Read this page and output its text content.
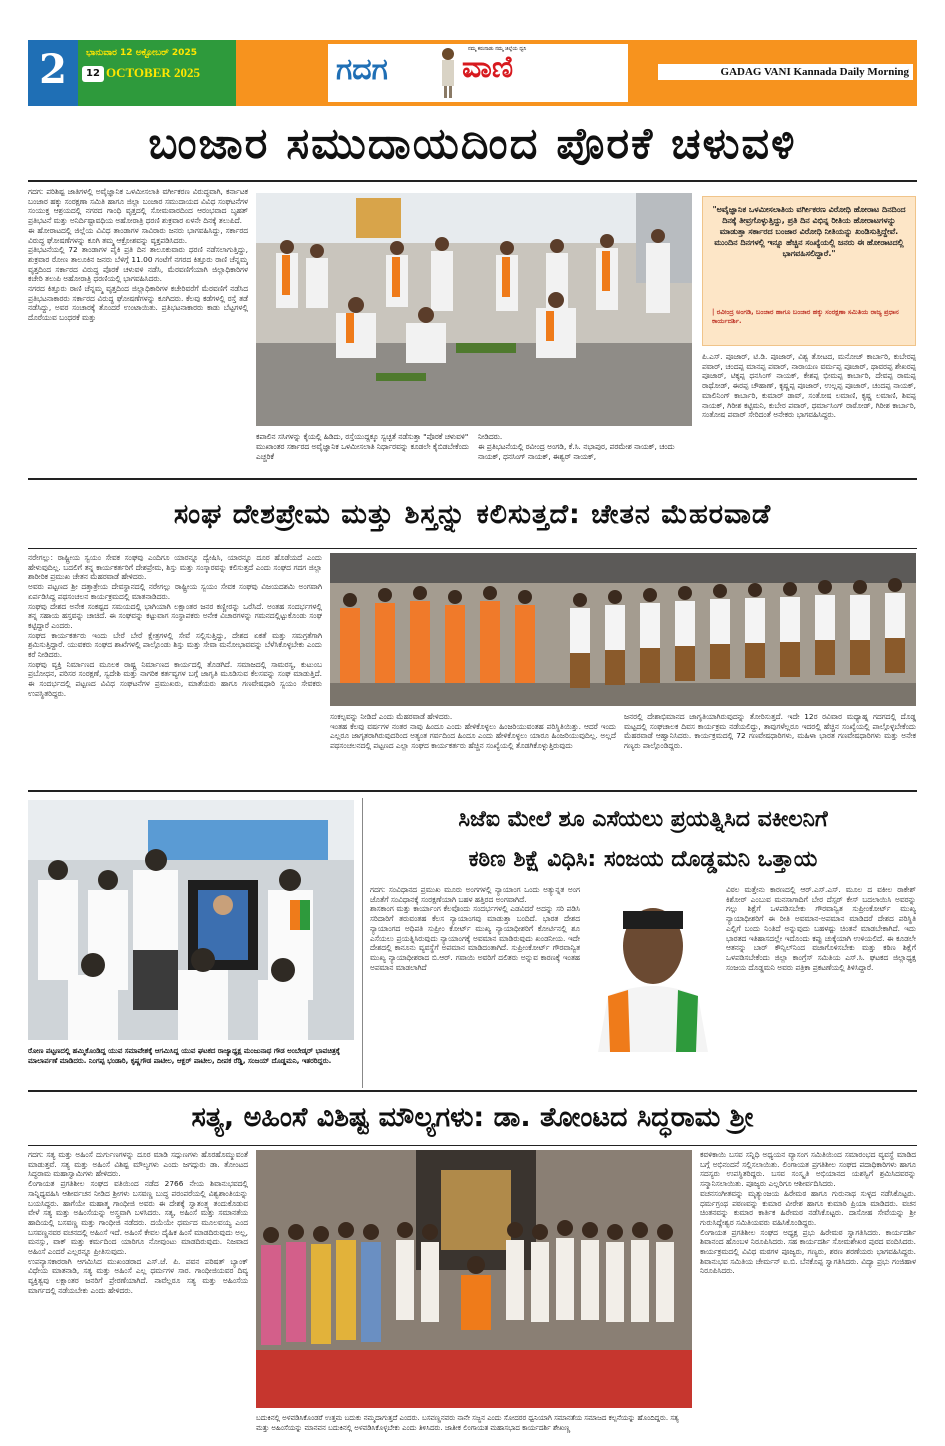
2	ಭಾನುವಾರ 12 ಅಕ್ಟೋಬರ್ 2025
12 OCTOBER 2025	ಗದಗ ವಾಣಿ
ನಮ್ಮ ಕರುನಾಡು ನಮ್ಮ ಜಿಲ್ಲೆಯ ಧ್ವನಿ
GADAG VANI Kannada Daily Morning
ಬಂಜಾರ ಸಮುದಾಯದಿಂದ ಪೊರಕೆ ಚಳುವಳಿ
ಗದಗ: ಪರಿಶಿಷ್ಟ ಜಾತಿಗಳಲ್ಲಿ ಅವೈಜ್ಞಾನಿಕ ಒಳಮೀಸಲಾತಿ ವರ್ಗೀಕರಣ ವಿರುದ್ಧವಾಗಿ, ಕರ್ನಾಟಕ ಬಂಜಾರ ಹಕ್ಕು ಸಂರಕ್ಷಣಾ ಸಮಿತಿ ಹಾಗೂ ಜಿಲ್ಲಾ ಬಂಜಾರ ಸಮುದಾಯದ ವಿವಿಧ ಸಂಘಟನೆಗಳ ಸಂಯುಕ್ತ ಆಶ್ರಯದಲ್ಲಿ ನಗರದ ಗಾಂಧಿ ವೃತ್ತದಲ್ಲಿ ಸೋಮವಾರದಿಂದ ಆರಂಭವಾದ ಬೃಹತ್ ಪ್ರತಿಭಟನೆ ಮತ್ತು ಅನಿರ್ದಿಷ್ಟಾವಧಿಯ ಅಹೋರಾತ್ರಿ ಧರಣಿ ಶುಕ್ರವಾರ ಏಳನೇ ದಿನಕ್ಕೆ ತಲುಪಿದೆ.
ಈ ಹೋರಾಟದಲ್ಲಿ ಜಿಲ್ಲೆಯ ವಿವಿಧ ತಾಂಡಾಗಳ ಸಾವಿರಾರು ಜನರು ಭಾಗವಹಿಸಿದ್ದು, ಸರ್ಕಾರದ ವಿರುದ್ಧ ಘೋಷಣೆಗಳನ್ನು ಕೂಗಿ ತಮ್ಮ ಆಕ್ರೋಶವನ್ನು ವ್ಯಕ್ತಪಡಿಸಿದರು.
ಪ್ರತಿಭಟನೆಯಲ್ಲಿ 72 ತಾಂಡಾಗಳ ಪೈಕಿ ಪ್ರತಿ ದಿನ ತಾಲೂಕುವಾರು ಧರಣಿ ನಡೆಸಲಾಗುತ್ತಿದ್ದು, ಶುಕ್ರವಾರ ರೋಣ ತಾಲೂಕಿನ ಜನರು ಬೆಳಿಗ್ಗೆ 11.00 ಗಂಟೆಗೆ ನಗರದ ಕಿತ್ತೂರು ರಾಣಿ ಚೆನ್ನಮ್ಮ ವೃತ್ತದಿಂದ ಸರ್ಕಾರದ ವಿರುದ್ಧ ಪೊರಕೆ ಚಳುವಳಿ ನಡೆಸಿ, ಮೆರವಣಿಗೆಯಾಗಿ ಜಿಲ್ಲಾಧಿಕಾರಿಗಳ ಕಚೇರಿ ತಲುಪಿ ಅಹೋರಾತ್ರಿ ಧರಣಿಯಲ್ಲಿ ಭಾಗವಹಿಸಿದರು.
ನಗರದ ಕಿತ್ತೂರು ರಾಣಿ ಚೆನ್ನಮ್ಮ ವೃತ್ತದಿಂದ ಜಿಲ್ಲಾಧಿಕಾರಿಗಳ ಕಚೇರಿವರೆಗೆ ಮೆರವಣಿಗೆ ನಡೆಸಿದ ಪ್ರತಿಭಟನಾಕಾರರು ಸರ್ಕಾರದ ವಿರುದ್ಧ ಘೋಷಣೆಗಳನ್ನು ಕೂಗಿದರು. ಕೆಲವು ಕಡೆಗಳಲ್ಲಿ ರಸ್ತೆ ತಡೆ ನಡೆಸಿದ್ದು, ಅವರ ಸಂಚಾರಕ್ಕೆ ತೊಂದರೆ ಉಂಟಾಯಿತು. ಪ್ರತಿಭಟನಾಕಾರರು ಕಾಡು ಬೆಟ್ಟಗಳಲ್ಲಿ ದೊರೆಯುವ ಬಂಧರಕೆ ಮತ್ತು
ಕಪಾಲಿನ ಸಸಿಗಳನ್ನು ಕೈಯಲ್ಲಿ ಹಿಡಿದು, ರಸ್ತೆಯುದ್ದಕ್ಕೂ ಸ್ವಚ್ಛತೆ ನಡೆಸುತ್ತಾ "ಪೊರಕೆ ಚಳುವಳಿ" ಮುಖಾಂತರ ಸರ್ಕಾರದ ಅವೈಜ್ಞಾನಿಕ ಒಳಮೀಸಲಾತಿ ನಿರ್ಧಾರವನ್ನು ಕೂಡಲೇ ಕೈಬಿಡಬೇಕೆಂದು ಎಚ್ಚರಿಕೆ
ನೀಡಿದರು.
ಈ ಪ್ರತಿಭಟನೆಯಲ್ಲಿ ರವೀಂದ್ರ ಅಂಗಡಿ, ಕೆ.ಸಿ. ನಭಾಪುರ, ಪರಮೇಶ ನಾಯಕ್, ಚಂದು ನಾಯಕ್, ಧನಸಿಂಗ್ ನಾಯಕ್, ಈಶ್ವರ್ ನಾಯಕ್,
"ಅವೈಜ್ಞಾನಿಕ ಒಳಮೀಸಲಾತಿಯ ವರ್ಗೀಕರಣ ವಿರೋಧಿ ಹೋರಾಟ ದಿನದಿಂದ ದಿನಕ್ಕೆ ತೀವ್ರಗೊಳ್ಳುತ್ತಿದ್ದು, ಪ್ರತಿ ದಿನ ವಿಭಿನ್ನ ರೀತಿಯ ಹೋರಾಟಗಳನ್ನು ಮಾಡುತ್ತಾ ಸರ್ಕಾರದ ಬಂಜಾರ ವಿರೋಧಿ ನೀತಿಯನ್ನು ಖಂಡಿಸುತ್ತಿದ್ದೇವೆ. ಮುಂದಿನ ದಿನಗಳಲ್ಲಿ ಇನ್ನೂ ಹೆಚ್ಚಿನ ಸಂಖ್ಯೆಯಲ್ಲಿ ಜನರು ಈ ಹೋರಾಟದಲ್ಲಿ ಭಾಗವಹಿಸಲಿದ್ದಾರೆ."
| ರವೀಂದ್ರ ಅಂಗಡಿ, ಬಂಜಾರ ಹಾಗೂ ಬಂಜಾರ ಹಕ್ಕು ಸಂರಕ್ಷಣಾ ಸಮಿತಿಯ ರಾಜ್ಯ ಪ್ರಧಾನ ಕಾರ್ಯದರ್ಶಿ.
ಪಿ.ಎಸ್. ಪೂಜಾರ್, ಟಿ.ಡಿ. ಪೂಜಾರ್, ವಿಶ್ವ ತೋಟದ, ಮನೋಜ್ ಕಾರ್ಬಾರಿ, ಕುಬೇರಪ್ಪ ಪವಾರ್, ಚಂದಪ್ಪ ಮಾನಪ್ಪ ಪವಾರ್, ನಾರಾಯಣ ವರ್ಮಪ್ಪ ಪೂಜಾರ್, ಥಾವರಪ್ಪ ಶೇಖರಪ್ಪ ಪೂಜಾರ್, ಟಿಕ್ಕಪ್ಪ ಧನಸಿಂಗ್ ನಾಯಕ್, ಕೇಶಪ್ಪ ಭೀಮಪ್ಪ ಕಾರ್ಬಾರಿ, ದೇವಪ್ಪ ರಾಮಪ್ಪ ರಾಥೋಡ್, ಈರಪ್ಪ ಚೌಹಾಣ್, ಕೃಷ್ಣಪ್ಪ ಪೂಜಾರ್, ಉಲ್ಲಪ್ಪ ಪೂಜಾರ್, ಚಂದಪ್ಪ ನಾಯಕ್, ಮಾಲಿನಿಂಗ್ ಕಾರ್ಬಾರಿ, ಕುಮಾರ್ ಡಾವ್, ಸಂತೋಷ ಲಮಾಣಿ, ಕೃಷ್ಣ ಲಮಾಣಿ, ಶಿವಪ್ಪ ನಾಯಕ್, ಗಿರೀಶ ಕಟ್ಟಿಮನಿ, ಕುಬೇರ ಪವಾರ್, ಧರ್ಮಾಸಿಂಗ್ ರಾಠೋಡ್, ಗಿರೀಶ ಕಾರ್ಬಾರಿ, ಸಂತೋಷ ಪವಾರ್ ಸೇರಿದಂತೆ ಅನೇಕರು ಭಾಗವಹಿಸಿದ್ದರು.
ಸಂಘ ದೇಶಪ್ರೇಮ ಮತ್ತು ಶಿಸ್ತನ್ನು ಕಲಿಸುತ್ತದೆ: ಚೇತನ ಮೆಹರವಾಡೆ
ನರೇಗಲ್ಲು: ರಾಷ್ಟ್ರೀಯ ಸ್ವಯಂ ಸೇವಕ ಸಂಘವು ಎಂದಿಗೂ ಯಾರನ್ನೂ ದ್ವೇಷಿಸಿ, ಯಾರನ್ನೂ ದೂರ ಹೊಡೆಯದೆ ಎಂದು ಹೇಳುವುದಿಲ್ಲ. ಬದಲಿಗೆ ತನ್ನ ಕಾರ್ಯಕರ್ತರಿಗೆ ದೇಶಪ್ರೇಮ, ಶಿಸ್ತು ಮತ್ತು ಸಂಸ್ಕಾರವನ್ನು ಕಲಿಸುತ್ತದೆ ಎಂದು ಸಂಘದ ಗದಗ ಜಿಲ್ಲಾ ಶಾರೀರಿಕ ಪ್ರಮುಖ ಚೇತನ ಮೆಹರವಾಡೆ ಹೇಳಿದರು.
ಅವರು ಪಟ್ಟಣದ ಶ್ರೀ ದತ್ತಾತ್ರೇಯ ದೇವಸ್ಥಾನದಲ್ಲಿ ನರೇಗಲ್ಲು ರಾಷ್ಟ್ರೀಯ ಸ್ವಯಂ ಸೇವಕ ಸಂಘವು ವಿಜಯದಶಮಿ ಅಂಗವಾಗಿ ಏರ್ಪಡಿಸಿದ್ದ ಪಥಸಂಚಲನ ಕಾರ್ಯಕ್ರಮದಲ್ಲಿ ಮಾತನಾಡಿದರು.
ಸಂಘವು ದೇಶದ ಅನೇಕ ಸಂಕಷ್ಟದ ಸಮಯದಲ್ಲಿ ಭಾಗಿಯಾಗಿ ಲಕ್ಷಾಂತರ ಜನರ ಕಣ್ಣೀರನ್ನು ಒರೆಸಿದೆ. ಅಂತಹ ಸಂದರ್ಭಗಳಲ್ಲಿ ತನ್ನ ಸಹಾಯ ಹಸ್ತವನ್ನು ಚಾಚಿದೆ. ಈ ಸಂಘವನ್ನು ಕಟ್ಟುವಾಗ ಸಂಸ್ಥಾಪಕರು ಅನೇಕ ವಿಚಾರಗಳನ್ನು ಗಮನದಲ್ಲಿಟ್ಟುಕೊಂಡು ಸಂಘ ಕಟ್ಟಿದ್ದಾರೆ ಎಂದರು.
ಸಂಘದ ಕಾರ್ಯಕರ್ತರು ಇಂದು ಬೇರೆ ಬೇರೆ ಕ್ಷೇತ್ರಗಳಲ್ಲಿ ಸೇವೆ ಸಲ್ಲಿಸುತ್ತಿದ್ದು, ದೇಶದ ಏಕತೆ ಮತ್ತು ಸಮಗ್ರತೆಗಾಗಿ ಶ್ರಮಿಸುತ್ತಿದ್ದಾರೆ. ಯುವಕರು ಸಂಘದ ಶಾಖೆಗಳಲ್ಲಿ ಪಾಲ್ಗೊಂಡು ಶಿಸ್ತು ಮತ್ತು ಸೇವಾ ಮನೋಭಾವವನ್ನು ಬೆಳೆಸಿಕೊಳ್ಳಬೇಕು ಎಂದು ಕರೆ ನೀಡಿದರು.
ಸಂಘವು ವ್ಯಕ್ತಿ ನಿರ್ಮಾಣದ ಮೂಲಕ ರಾಷ್ಟ್ರ ನಿರ್ಮಾಣದ ಕಾರ್ಯದಲ್ಲಿ ತೊಡಗಿದೆ. ಸಮಾಜದಲ್ಲಿ ಸಾಮರಸ್ಯ, ಕುಟುಂಬ ಪ್ರಬೋಧನ, ಪರಿಸರ ಸಂರಕ್ಷಣೆ, ಸ್ವದೇಶಿ ಮತ್ತು ನಾಗರಿಕ ಕರ್ತವ್ಯಗಳ ಬಗ್ಗೆ ಜಾಗೃತಿ ಮೂಡಿಸುವ ಕೆಲಸವನ್ನು ಸಂಘ ಮಾಡುತ್ತಿದೆ. ಈ ಸಂದರ್ಭದಲ್ಲಿ ಪಟ್ಟಣದ ವಿವಿಧ ಸಂಘಟನೆಗಳ ಪ್ರಮುಖರು, ಮಾತೆಯರು ಹಾಗೂ ಗಣವೇಷಧಾರಿ ಸ್ವಯಂ ಸೇವಕರು ಉಪಸ್ಥಿತರಿದ್ದರು.
ಸಂಕಲ್ಪವನ್ನು ನೀಡಿದೆ ಎಂದು ಮೆಹರವಾಡೆ ಹೇಳಿದರು.
ಇಂತಹ ಕೆಲವು ವರ್ಷಗಳ ನಂತರ ನಾವು ಹಿಂದೂ ಎಂದು ಹೇಳಿಕೊಳ್ಳಲು ಹಿಂಜರಿಯುವಂತಹ ಪರಿಸ್ಥಿತಿಯಿತ್ತು. ಆದರೆ ಇಂದು ಎಲ್ಲರೂ ಜಾಗೃತರಾಗಿರುವುದರಿಂದ ಅತ್ಯಂತ ಗರ್ವದಿಂದ ಹಿಂದೂ ಎಂದು ಹೇಳಿಕೊಳ್ಳಲು ಯಾರೂ ಹಿಂಜರಿಯುವುದಿಲ್ಲ. ಅಲ್ಲದೆ ಪಥಸಂಚಲನದಲ್ಲಿ ಪಟ್ಟಣದ ಎಲ್ಲಾ ಸಂಘದ ಕಾರ್ಯಕರ್ತರು ಹೆಚ್ಚಿನ ಸಂಖ್ಯೆಯಲ್ಲಿ ತೊಡಗಿಕೊಳ್ಳುತ್ತಿರುವುದು
ಜನರಲ್ಲಿ ದೇಶಾಭಿಮಾನದ ಜಾಗೃತಿಯಾಗಿರುವುದನ್ನು ತೋರಿಸುತ್ತದೆ. ಇದೇ 12ರ ರವಿವಾರ ಮಧ್ಯಾಹ್ನ ಗದಗದಲ್ಲಿ ದೊಡ್ಡ ಮಟ್ಟದಲ್ಲಿ ಸಂಘಚಾಲಕ ದಿವಸ ಕಾರ್ಯಕ್ರಮ ನಡೆಯಲಿದ್ದು, ತಾವುಗಳೆಲ್ಲರೂ ಇದರಲ್ಲಿ ಹೆಚ್ಚಿನ ಸಂಖ್ಯೆಯಲ್ಲಿ ಪಾಲ್ಗೊಳ್ಳಬೇಕೆಂದು ಮೆಹರವಾಡೆ ಆಹ್ವಾನಿಸಿದರು. ಕಾರ್ಯಕ್ರಮದಲ್ಲಿ 72 ಗಣವೇಷಧಾರಿಗಳು, ಮಹಿಳಾ ಭಾರತ ಗಣವೇಷಧಾರಿಗಳು ಮತ್ತು ಅನೇಕ ಗಣ್ಯರು ಪಾಲ್ಗೊಂಡಿದ್ದರು.
ರೋಣ ಪಟ್ಟಣದಲ್ಲಿ ಹಮ್ಮಿಕೊಂಡಿದ್ದ ಯುವ ಸಮಾವೇಶಕ್ಕೆ ಆಗಮಿಸಿದ್ದ ಯುವ ಘಟಕದ ರಾಜ್ಯಾಧ್ಯಕ್ಷ ಮಂಜುನಾಥ ಗೌಡ ಅಂಬೇಡ್ಕರ್ ಭಾವಚಿತ್ರಕ್ಕೆ ಮಾಲಾರ್ಪಣೆ ಮಾಡಿದರು. ನಿಂಗಪ್ಪ ಭಂಡಾರಿ, ಕೃಷ್ಣಗೌಡ ಪಾಟೀಲ, ಆಕ್ಬರ್ ಪಾಟೀಲ, ದೀಪಕ ರೆಡ್ಡಿ, ಸಂಜಯ್ ದೊಡ್ಡಮನಿ, ಇತರರಿದ್ದರು.
ಸಿಜೆಐ ಮೇಲೆ ಶೂ ಎಸೆಯಲು ಪ್ರಯತ್ನಿಸಿದ ವಕೀಲನಿಗೆ
ಕಠಿಣ ಶಿಕ್ಷೆ ವಿಧಿಸಿ: ಸಂಜಯ ದೊಡ್ಡಮನಿ ಒತ್ತಾಯ
ಗದಗ: ಸಂವಿಧಾನದ ಪ್ರಮುಖ ಮೂರು ಅಂಗಗಳಲ್ಲಿ ನ್ಯಾಯಾಂಗ ಒಂದು ಅತ್ಯುನ್ನತ ಅಂಗ ಜೊತೆಗೆ ಸಂವಿಧಾನಕ್ಕೆ ಸಂರಕ್ಷಣೆಯಾಗಿ ಬಹಳ ಹತ್ತಿರದ ಅಂಗವಾಗಿದೆ.
ಶಾಸಕಾಂಗ ಮತ್ತು ಕಾರ್ಯಾಂಗ ಕೆಲವೊಂದು ಸಂದರ್ಭಗಳಲ್ಲಿ ಎಡವಿದರೆ ಅದನ್ನು ಸರಿ ಪಡಿಸಿ ಸರಿದಾರಿಗೆ ತರುವಂತಹ ಕೆಲಸ ನ್ಯಾಯಾಂಗವು ಮಾಡುತ್ತಾ ಬಂದಿದೆ. ಭಾರತ ದೇಶದ ನ್ಯಾಯಾಂಗದ ಅಧಿಪತಿ ಸುಪ್ರೀಂ ಕೋರ್ಟ್ ಮುಖ್ಯ ನ್ಯಾಯಾಧೀಶರಿಗೆ ಕೋರ್ಟಿನಲ್ಲಿ ಶೂ ಎಸೆಯಲು ಪ್ರಯತ್ನಿಸಿರುವುದು ನ್ಯಾಯಾಂಗಕ್ಕೆ ಅವಮಾನ ಮಾಡಿರುವುದು ಖಂಡನೀಯ. ಇದೇ ದೇಶದಲ್ಲಿ ಕಾನೂನು ವ್ಯವಸ್ಥೆಗೆ ಅಪಮಾನ ಮಾಡಿದಂತಾಗಿದೆ. ಸುಪ್ರೀಂಕೋರ್ಟ್ ಗೌರವಾನ್ವಿತ ಮುಖ್ಯ ನ್ಯಾಯಾಧೀಶರಾದ ಬಿ.ಆರ್. ಗವಾಯಿ ಅವರಿಗೆ ದಲಿತರು ಅನ್ನುವ ಕಾರಣಕ್ಕೆ ಇಂತಹ ಅಪಮಾನ ಮಾಡಲಾಗಿದೆ
ವಿಠಲ ಮತ್ತೇನು ಕಾರಣದಲ್ಲಿ ಆರ್.ಎಸ್.ಎಸ್. ಮೂಲ ದ ವಕೀಲ ರಾಕೇಶ್ ಕಿಶೋರ್ ಎಂಬುವ ಮನಸಾಗಾದಿಗೆ ಬೇರ ದೆಸ್ಸರ್ ಕೇಸ್ ಬದಲಾಯಿಸಿ ಅವರನ್ನು ಗಲ್ಲು ಶಿಕ್ಷೆಗೆ ಒಳಪಡಿಸಬೇಕು ಗೌರವಾನ್ವಿತ ಸುಪ್ರೀಂಕೋರ್ಟ್ ಮುಖ್ಯ ನ್ಯಾಯಾಧೀಶರಿಗೆ ಈ ರೀತಿ ಅವಮಾನ-ಅಪಮಾನ ಮಾಡಿದರೆ ದೇಶದ ಪರಿಸ್ಥಿತಿ ಎಲ್ಲಿಗೆ ಬಂದು ನಿಂತಿದೆ ಅನ್ನುವುದು ಬಹಳಷ್ಟು ಚಿಂತನೆ ಮಾಡಬೇಕಾಗಿದೆ. ಇದು ಭಾರತದ ಇತಿಹಾಸದಲ್ಲೇ ಇದೊಂದು ಕಪ್ಪು ಚುಕ್ಕೆಯಾಗಿ ಉಳಿಯಲಿದೆ. ಈ ಕೂಡಲೇ ಆತನನ್ನು ಬಾರ್ ಕೌನ್ಸಿಲ್‌ನಿಂದ ವಜಾಗೊಳಿಸಬೇಕು ಮತ್ತು ಕಠಿಣ ಶಿಕ್ಷೆಗೆ ಒಳಪಡಿಸಬೇಕೆಂದು ಜಿಲ್ಲಾ ಕಾಂಗ್ರೆಸ್ ಸಮಿತಿಯ ಎಸ್.ಸಿ. ಘಟಕದ ಜಿಲ್ಲಾಧ್ಯಕ್ಷ ಸಂಜಯ ದೊಡ್ಡಮನಿ ಅವರು ಪತ್ರಿಕಾ ಪ್ರಕಟಣೆಯಲ್ಲಿ ತಿಳಿಸಿದ್ದಾರೆ.
ಸತ್ಯ, ಅಹಿಂಸೆ ವಿಶಿಷ್ಟ ಮೌಲ್ಯಗಳು: ಡಾ. ತೋಂಟದ ಸಿದ್ಧರಾಮ ಶ್ರೀ
ಗದಗ: ಸತ್ಯ ಮತ್ತು ಅಹಿಂಸೆ ದುರ್ಗುಣಗಳನ್ನು ದೂರ ಮಾಡಿ ಸದ್ಗುಣಗಳು ಹೊರಹೊಮ್ಮುವಂತೆ ಮಾಡುತ್ತವೆ. ಸತ್ಯ ಮತ್ತು ಅಹಿಂಸೆ ವಿಶಿಷ್ಟ ಮೌಲ್ಯಗಳು ಎಂದು ಜಗದ್ಗುರು ಡಾ. ತೋಂಟದ ಸಿದ್ಧರಾಮ ಮಹಾಸ್ವಾಮಿಗಳು ಹೇಳಿದರು.
ಲಿಂಗಾಯತ ಪ್ರಗತಿಶೀಲ ಸಂಘದ ವತಿಯಿಂದ ನಡೆದ 2766 ನೇಯ ಶಿವಾನುಭವದಲ್ಲಿ ಸಾನ್ನಿಧ್ಯವಹಿಸಿ ಆಶೀರ್ವಚನ ನೀಡಿದ ಶ್ರೀಗಳು ಬಸವಣ್ಣ ಬುದ್ಧ ಪರಂಪರೆಯಲ್ಲಿ ವಿಶ್ವಶಾಂತಿಯನ್ನು ಬಯಸಿದ್ದರು. ಹಾಗೆಯೇ ಮಹಾತ್ಮ ಗಾಂಧೀಜಿ ಅವರು ಈ ದೇಶಕ್ಕೆ ಸ್ವಾತಂತ್ರ್ಯ ತಂದುಕೊಡುವ ವೇಳೆ ಸತ್ಯ ಮತ್ತು ಅಹಿಂಸೆಯನ್ನು ಅಸ್ತ್ರವಾಗಿ ಬಳಸಿದರು. ಸತ್ಯ, ಅಹಿಂಸೆ ಮತ್ತು ಸಮಾನತೆಯ ಹಾದಿಯಲ್ಲಿ ಬಸವಣ್ಣ ಮತ್ತು ಗಾಂಧೀಜಿ ನಡೆದರು. ದಯೆಯೇ ಧರ್ಮದ ಮೂಲವಯ್ಯ ಎಂದ ಬಸವಣ್ಣನವರ ವಚನದಲ್ಲಿ ಅಹಿಂಸೆ ಇದೆ. ಅಹಿಂಸೆ ಕೇವಲ ದೈಹಿಕ ಹಿಂಸೆ ಮಾಡದಿರುವುದು ಅಲ್ಲ, ಮನಸ್ಸು, ವಾಕ್ ಮತ್ತು ಕರ್ಮದಿಂದ ಯಾರಿಗೂ ನೋವುಂಟು ಮಾಡದಿರುವುದು. ನಿಜವಾದ ಅಹಿಂಸೆ ಎಂದರೆ ಎಲ್ಲರನ್ನೂ ಪ್ರೀತಿಸುವುದು.
ಉಪನ್ಯಾಸಕಾರರಾಗಿ ಆಗಮಿಸಿದ ಮುಖಂಡರಾದ ಎಸ್.ಜೆ. ಪಿ. ಪವನ ಪರಿಷತ್ ಬ್ಯಾಂಕ್ ವಿಧೇಯ ಮಾತನಾಡಿ, ಸತ್ಯ ಮತ್ತು ಅಹಿಂಸೆ ಎಲ್ಲ ಧರ್ಮಗಳ ಸಾರ. ಗಾಂಧೀಜಿಯವರ ದಿವ್ಯ ವ್ಯಕ್ತಿತ್ವವು ಲಕ್ಷಾಂತರ ಜನರಿಗೆ ಪ್ರೇರಣೆಯಾಗಿದೆ. ನಾವೆಲ್ಲರೂ ಸತ್ಯ ಮತ್ತು ಅಹಿಂಸೆಯ ಮಾರ್ಗದಲ್ಲಿ ನಡೆಯಬೇಕು ಎಂದು ಹೇಳಿದರು.
ಬದುಕಿನಲ್ಲಿ ಅಳವಡಿಸಿಕೊಂಡರೆ ಉತ್ತಮ ಬದುಕು ನಮ್ಮದಾಗುತ್ತದೆ ಎಂದರು. ಬಸವಣ್ಣನವರು ನಾನೇ ಸಜ್ಜನ ಎಂದು ಸೋದರರ ಧ್ವನಿಯಾಗಿ ಸಮಾನತೆಯ ಸಮಾಜದ ಕಲ್ಪನೆಯನ್ನು ಹೊಂದಿದ್ದರು. ಸತ್ಯ ಮತ್ತು ಅಹಿಂಸೆಯನ್ನು ಮಾನವನ ಬದುಕಿನಲ್ಲಿ ಅಳವಡಿಸಿಕೊಳ್ಳಬೇಕು ಎಂದು ತಿಳಿಸಿದರು. ಜಾತೀಕ ಲಿಂಗಾಯತ ಮಹಾಸಭಾದ ಕಾರ್ಯದರ್ಶಿ ಶೇಖಣ್ಣ
ಕವಳಿಕಾಯಿ ಬಸವ ಸನ್ನಿಧಿ ಅಧ್ಯಯನ ವ್ಯಾಸಂಗ ಸಮಿತಿಯಿಂದ ಸಮಾರಂಭದ ವ್ಯವಸ್ಥೆ ಮಾಡಿದ ಬಗ್ಗೆ ಅಭಿನಂದನೆ ಸಲ್ಲಿಸಲಾಯಿತು. ಲಿಂಗಾಯತ ಪ್ರಗತಿಶೀಲ ಸಂಘದ ಪದಾಧಿಕಾರಿಗಳು ಹಾಗೂ ಸದಸ್ಯರು ಉಪಸ್ಥಿತರಿದ್ದರು. ಬಸವ ಸಂಸ್ಕೃತಿ ಅಭಿಯಾನದ ಯಶಸ್ವಿಗೆ ಶ್ರಮಿಸಿದವರನ್ನು ಸನ್ಮಾನಿಸಲಾಯಿತು. ಪೂಜ್ಯರು ಎಲ್ಲರಿಗೂ ಆಶೀರ್ವದಿಸಿದರು.
ವಚನಸಂಗೀತವನ್ನು ಮೃತ್ಯುಂಜಯ ಹಿರೇಮಠ ಹಾಗೂ ಗುರುನಾಥ ಸುಳ್ಳದ ನಡೆಸಿಕೊಟ್ಟರು. ಧರ್ಮಗ್ರಂಥ ಪಠಣವನ್ನು ಕುಮಾರ ವೀರೇಶ ಹಾಗೂ ಕುಮಾರಿ ಪ್ರಿಯಾ ಮಾಡಿದರು. ವಚನ ಚಿಂತನವನ್ನು ಕುಮಾರ ಕಾರ್ತಿಕ ಹಿರೇಮಠ ನಡೆಸಿಕೊಟ್ಟರು. ದಾಸೋಹ ಸೇವೆಯನ್ನು ಶ್ರೀ ಗುರುಸಿದ್ದೇಶ್ವರ ಸಮಿತಿಯವರು ವಹಿಸಿಕೊಂಡಿದ್ದರು.
ಲಿಂಗಾಯತ ಪ್ರಗತಿಶೀಲ ಸಂಘದ ಅಧ್ಯಕ್ಷ ಪ್ರಭು ಹಿರೇಮಠ ಸ್ವಾಗತಿಸಿದರು. ಕಾರ್ಯದರ್ಶಿ ಶಿವಾನಂದ ಹೊಂಬಳ ನಿರೂಪಿಸಿದರು. ಸಹ ಕಾರ್ಯದರ್ಶಿ ಸೋಮಶೇಖರ ಪುರದ ವಂದಿಸಿದರು. ಕಾರ್ಯಕ್ರಮದಲ್ಲಿ ವಿವಿಧ ಮಠಗಳ ಪೂಜ್ಯರು, ಗಣ್ಯರು, ಶರಣ ಶರಣೆಯರು ಭಾಗವಹಿಸಿದ್ದರು. ಶಿವಾನುಭವ ಸಮಿತಿಯ ಚೇರ್ಮನ್ ಐ.ಬಿ. ಬೆನಕೊಪ್ಪ ಸ್ವಾಗತಿಸಿದರು. ವಿದ್ಯಾ ಪ್ರಭು ಗಂಜಿಹಾಳ ನಿರೂಪಿಸಿದರು.
